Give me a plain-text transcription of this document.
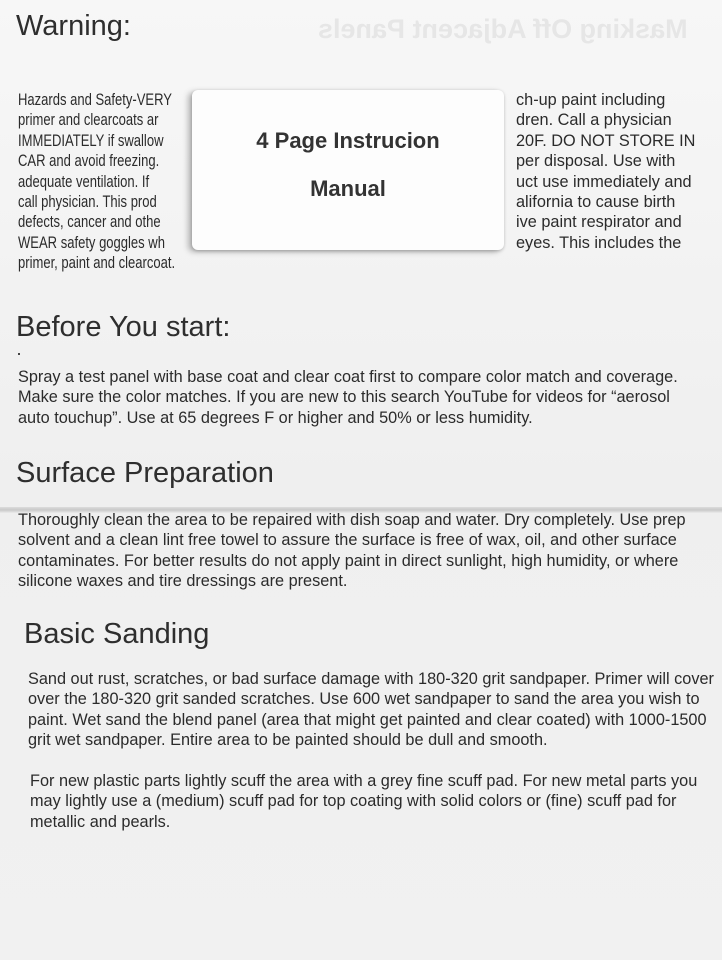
Masking Off Adjacent Panels
Warning:
Hazards and Safety-VERY	ch-up paint including
primer and clearcoats ar	dren. Call a physician
IMMEDIATELY if swallow	20F. DO NOT STORE IN
CAR and avoid freezing.	per disposal. Use with
adequate ventilation. If	uct use immediately and
call physician. This prod	alifornia to cause birth
defects, cancer and othe	ive paint respirator and
WEAR safety goggles wh	eyes. This includes the
primer, paint and clearcoat.
4 Page Instrucion
Manual
Before You start:
Spray a test panel with base coat and clear coat first to compare color match and coverage.
Make sure the color matches. If you are new to this search YouTube for videos for “aerosol
auto touchup”. Use at 65 degrees F or higher and 50% or less humidity.
Surface Preparation
Thoroughly clean the area to be repaired with dish soap and water. Dry completely. Use prep
solvent and a clean lint free towel to assure the surface is free of wax, oil, and other surface
contaminates. For better results do not apply paint in direct sunlight, high humidity, or where
silicone waxes and tire dressings are present.
Basic Sanding
Sand out rust, scratches, or bad surface damage with 180-320 grit sandpaper. Primer will cover
over the 180-320 grit sanded scratches. Use 600 wet sandpaper to sand the area you wish to
paint. Wet sand the blend panel (area that might get painted and clear coated) with 1000-1500
grit wet sandpaper. Entire area to be painted should be dull and smooth.
For new plastic parts lightly scuff the area with a grey fine scuff pad. For new metal parts you
may lightly use a (medium) scuff pad for top coating with solid colors or (fine) scuff pad for
metallic and pearls.
